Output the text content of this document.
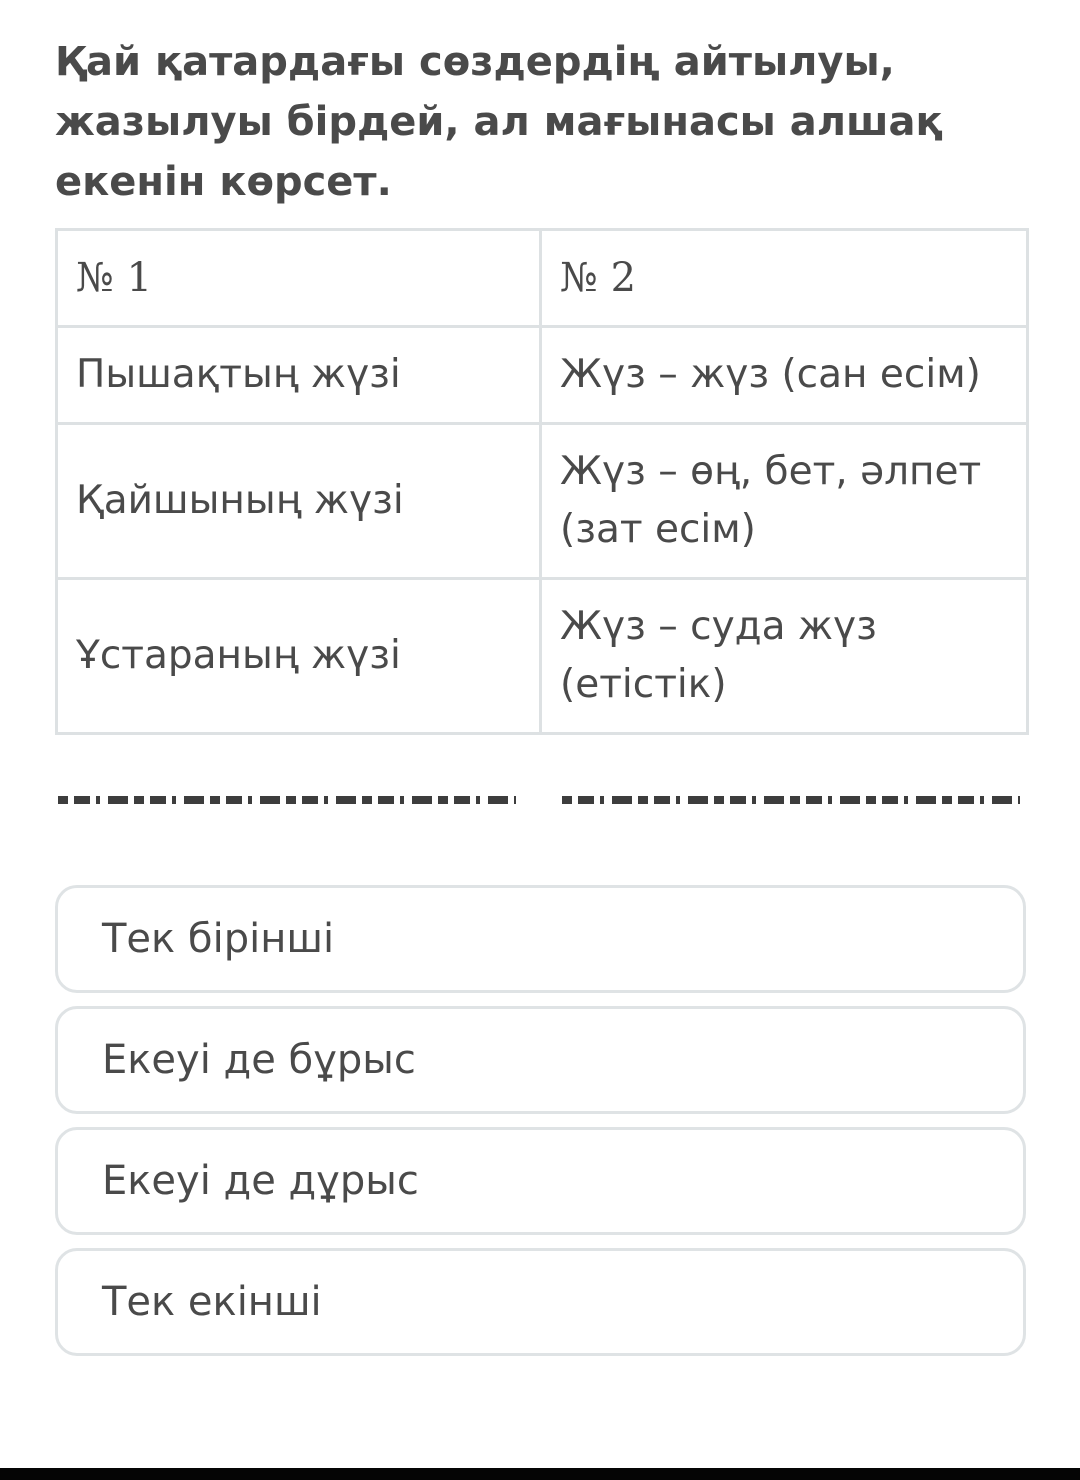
Қай қатардағы сөздердің айтылуы, жазылуы бірдей, ал мағынасы алшақ екенін көрсет.
№ 1	№ 2
Пышақтың жүзі	Жүз – жүз (сан есім)
Қайшының жүзі	Жүз – өң, бет, әлпет (зат есім)
Ұстараның жүзі	Жүз – суда жүз (етістік)
Тек бірінші
Екеуі де бұрыс
Екеуі де дұрыс
Тек екінші
